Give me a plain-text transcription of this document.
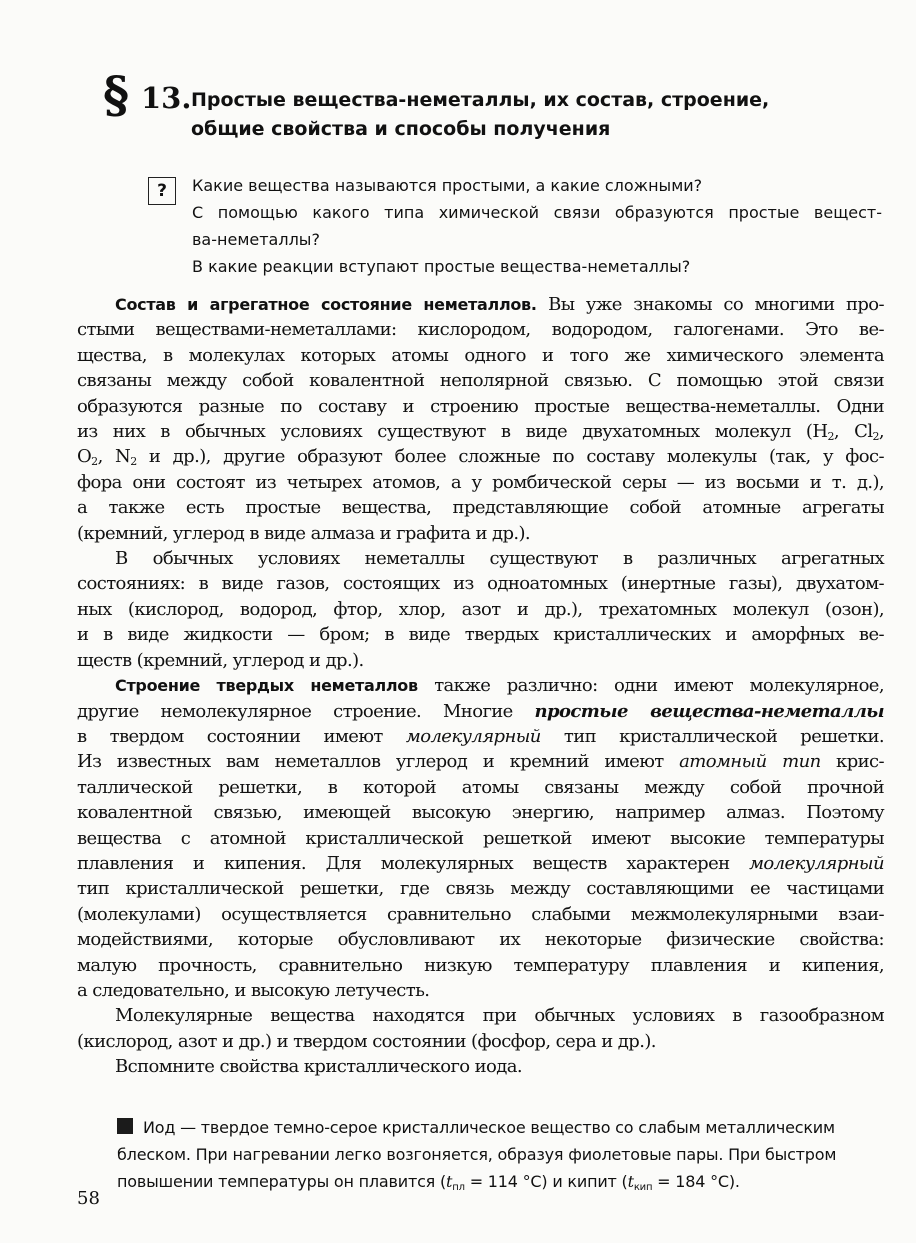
§ 13. Простые вещества-неметаллы, их состав, строение,
общие свойства и способы получения
?	Какие вещества называются простыми, а какие сложными?
С помощью какого типа химической связи образуются простые вещест-
ва-неметаллы?
В какие реакции вступают простые вещества-неметаллы?

Состав и агрегатное состояние неметаллов. Вы уже знакомы со многими про-
стыми веществами-неметаллами: кислородом, водородом, галогенами. Это ве-
щества, в молекулах которых атомы одного и того же химического элемента
связаны между собой ковалентной неполярной связью. С помощью этой связи
образуются разные по составу и строению простые вещества-неметаллы. Одни
из них в обычных условиях существуют в виде двухатомных молекул ($H_2$, $Cl_2$,
$O_2$, $N_2$ и др.), другие образуют более сложные по составу молекулы (так, у фос-
фора они состоят из четырех атомов, а у ромбической серы — из восьми и т. д.),
а также есть простые вещества, представляющие собой атомные агрегаты
(кремний, углерод в виде алмаза и графита и др.).

В обычных условиях неметаллы существуют в различных агрегатных
состояниях: в виде газов, состоящих из одноатомных (инертные газы), двухатом-
ных (кислород, водород, фтор, хлор, азот и др.), трехатомных молекул (озон),
и в виде жидкости — бром; в виде твердых кристаллических и аморфных ве-
ществ (кремний, углерод и др.).

Строение твердых неметаллов также различно: одни имеют молекулярное,
другие немолекулярное строение. Многие простые вещества-неметаллы
в твердом состоянии имеют молекулярный тип кристаллической решетки.
Из известных вам неметаллов углерод и кремний имеют атомный тип крис-
таллической решетки, в которой атомы связаны между собой прочной
ковалентной связью, имеющей высокую энергию, например алмаз. Поэтому
вещества с атомной кристаллической решеткой имеют высокие температуры
плавления и кипения. Для молекулярных веществ характерен молекулярный
тип кристаллической решетки, где связь между составляющими ее частицами
(молекулами) осуществляется сравнительно слабыми межмолекулярными взаи-
модействиями, которые обусловливают их некоторые физические свойства:
малую прочность, сравнительно низкую температуру плавления и кипения,
а следовательно, и высокую летучесть.

Молекулярные вещества находятся при обычных условиях в газообразном
(кислород, азот и др.) и твердом состоянии (фосфор, сера и др.).

Вспомните свойства кристаллического иода.

Иод — твердое темно-серое кристаллическое вещество со слабым металлическим
блеском. При нагревании легко возгоняется, образуя фиолетовые пары. При быстром
повышении температуры он плавится (tпл = 114 °C) и кипит (tкип = 184 °C).
58
